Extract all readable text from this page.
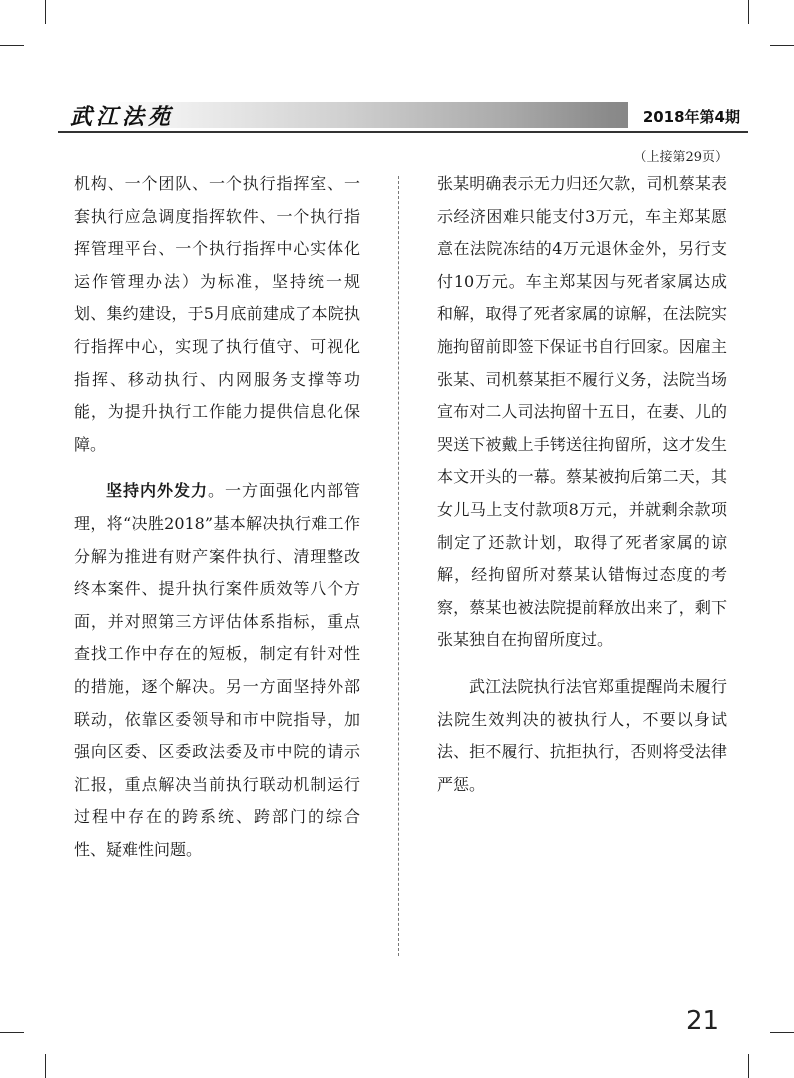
武江法苑	2018年第4期
（上接第29页）

机构、一个团队、一个执行指挥室、一套执行应急调度指挥软件、一个执行指挥管理平台、一个执行指挥中心实体化运作管理办法）为标准，坚持统一规划、集约建设，于5月底前建成了本院执行指挥中心，实现了执行值守、可视化指挥、移动执行、内网服务支撑等功能，为提升执行工作能力提供信息化保障。

坚持内外发力。一方面强化内部管理，将“决胜2018”基本解决执行难工作分解为推进有财产案件执行、清理整改终本案件、提升执行案件质效等八个方面，并对照第三方评估体系指标，重点查找工作中存在的短板，制定有针对性的措施，逐个解决。另一方面坚持外部联动，依靠区委领导和市中院指导，加强向区委、区委政法委及市中院的请示汇报，重点解决当前执行联动机制运行过程中存在的跨系统、跨部门的综合性、疑难性问题。

张某明确表示无力归还欠款，司机蔡某表示经济困难只能支付3万元，车主郑某愿意在法院冻结的4万元退休金外，另行支付10万元。车主郑某因与死者家属达成和解，取得了死者家属的谅解，在法院实施拘留前即签下保证书自行回家。因雇主张某、司机蔡某拒不履行义务，法院当场宣布对二人司法拘留十五日，在妻、儿的哭送下被戴上手铐送往拘留所，这才发生本文开头的一幕。蔡某被拘后第二天，其女儿马上支付款项8万元，并就剩余款项制定了还款计划，取得了死者家属的谅解，经拘留所对蔡某认错悔过态度的考察，蔡某也被法院提前释放出来了，剩下张某独自在拘留所度过。

武江法院执行法官郑重提醒尚未履行法院生效判决的被执行人，不要以身试法、拒不履行、抗拒执行，否则将受法律严惩。

21
